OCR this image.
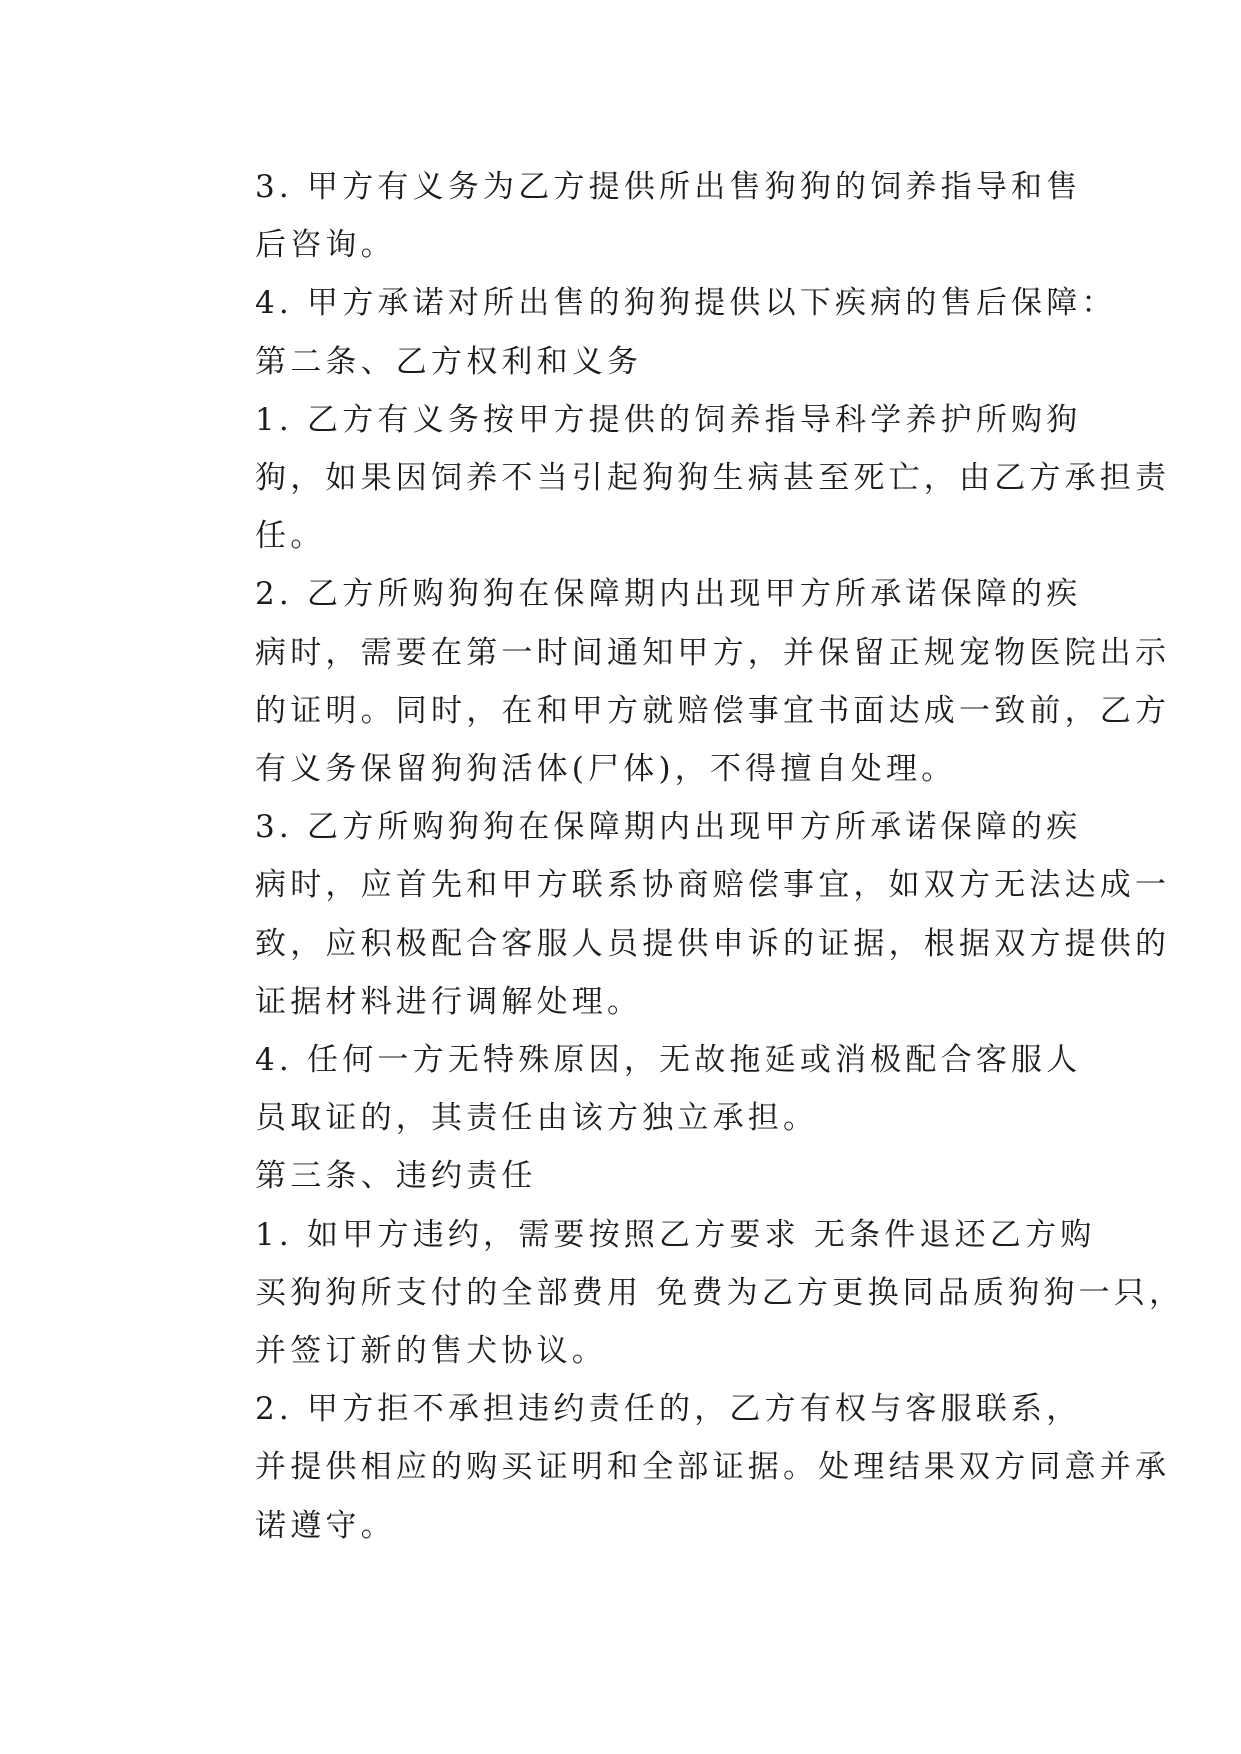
3. 甲方有义务为乙方提供所出售狗狗的饲养指导和售
后咨询。

4. 甲方承诺对所出售的狗狗提供以下疾病的售后保障：

第二条、乙方权利和义务

1. 乙方有义务按甲方提供的饲养指导科学养护所购狗
狗，如果因饲养不当引起狗狗生病甚至死亡，由乙方承担责
任。

2. 乙方所购狗狗在保障期内出现甲方所承诺保障的疾
病时，需要在第一时间通知甲方，并保留正规宠物医院出示
的证明。同时，在和甲方就赔偿事宜书面达成一致前，乙方
有义务保留狗狗活体(尸体)，不得擅自处理。

3. 乙方所购狗狗在保障期内出现甲方所承诺保障的疾
病时，应首先和甲方联系协商赔偿事宜，如双方无法达成一
致，应积极配合客服人员提供申诉的证据，根据双方提供的
证据材料进行调解处理。

4. 任何一方无特殊原因，无故拖延或消极配合客服人
员取证的，其责任由该方独立承担。

第三条、违约责任

1. 如甲方违约，需要按照乙方要求 无条件退还乙方购
买狗狗所支付的全部费用 免费为乙方更换同品质狗狗一只，
并签订新的售犬协议。

2. 甲方拒不承担违约责任的，乙方有权与客服联系，
并提供相应的购买证明和全部证据。处理结果双方同意并承
诺遵守。
